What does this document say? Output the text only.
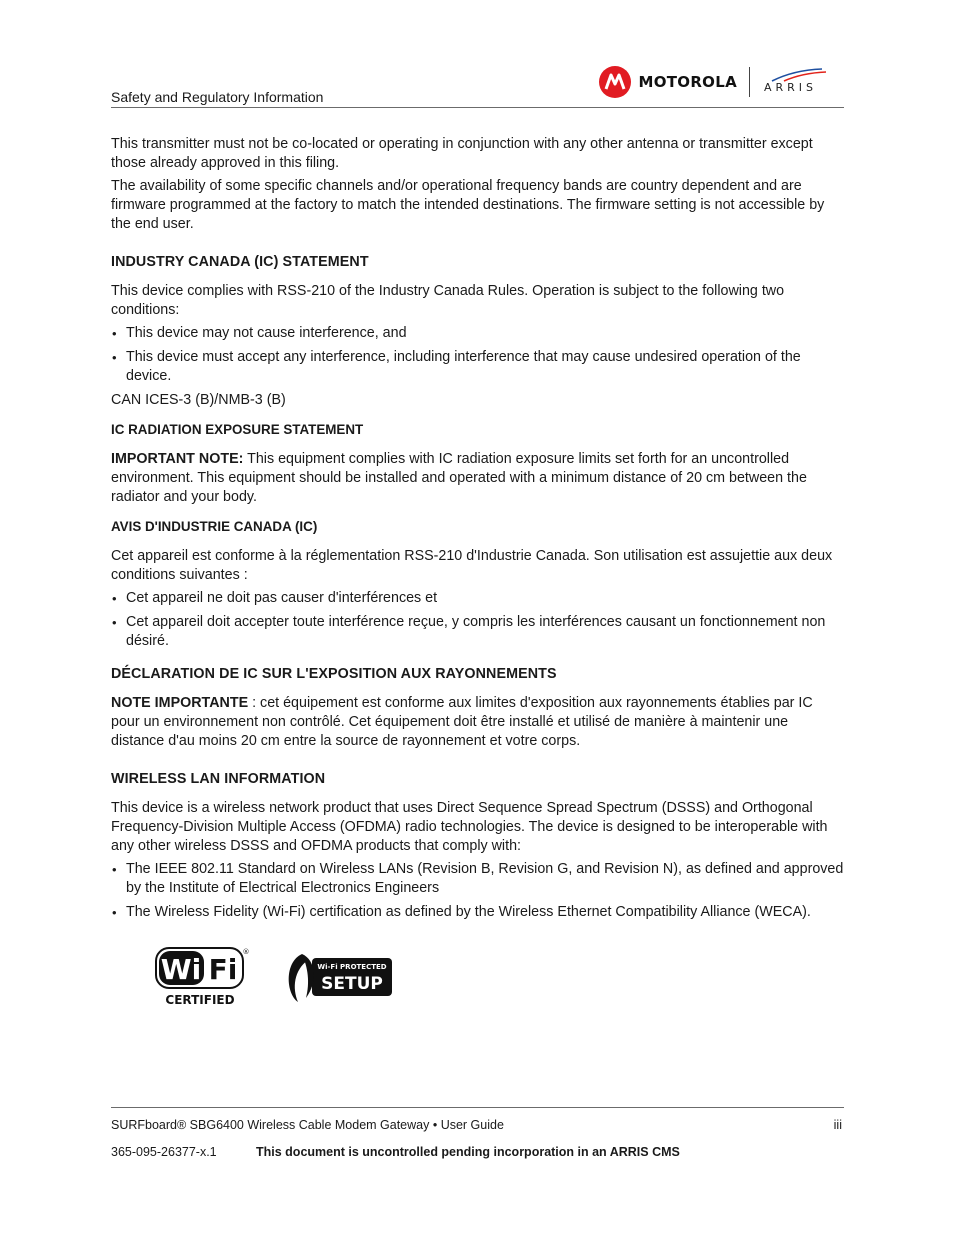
Safety and Regulatory Information
MOTOROLA ARRIS

This transmitter must not be co-located or operating in conjunction with any other antenna or transmitter except those already approved in this filing.

The availability of some specific channels and/or operational frequency bands are country dependent and are firmware programmed at the factory to match the intended destinations. The firmware setting is not accessible by the end user.

INDUSTRY CANADA (IC) STATEMENT

This device complies with RSS-210 of the Industry Canada Rules. Operation is subject to the following two conditions:

• This device may not cause interference, and
• This device must accept any interference, including interference that may cause undesired operation of the device.

CAN ICES-3 (B)/NMB-3 (B)

IC RADIATION EXPOSURE STATEMENT

IMPORTANT NOTE: This equipment complies with IC radiation exposure limits set forth for an uncontrolled environment. This equipment should be installed and operated with a minimum distance of 20 cm between the radiator and your body.

AVIS D'INDUSTRIE CANADA (IC)

Cet appareil est conforme à la réglementation RSS-210 d'Industrie Canada. Son utilisation est assujettie aux deux conditions suivantes :

• Cet appareil ne doit pas causer d'interférences et
• Cet appareil doit accepter toute interférence reçue, y compris les interférences causant un fonctionnement non désiré.
DÉCLARATION DE IC SUR L'EXPOSITION AUX RAYONNEMENTS

NOTE IMPORTANTE : cet équipement est conforme aux limites d'exposition aux rayonnements établies par IC pour un environnement non contrôlé. Cet équipement doit être installé et utilisé de manière à maintenir une distance d'au moins 20 cm entre la source de rayonnement et votre corps.

WIRELESS LAN INFORMATION

This device is a wireless network product that uses Direct Sequence Spread Spectrum (DSSS) and Orthogonal Frequency-Division Multiple Access (OFDMA) radio technologies. The device is designed to be interoperable with any other wireless DSSS and OFDMA products that comply with:

• The IEEE 802.11 Standard on Wireless LANs (Revision B, Revision G, and Revision N), as defined and approved by the Institute of Electrical Electronics Engineers
• The Wireless Fidelity (Wi-Fi) certification as defined by the Wireless Ethernet Compatibility Alliance (WECA).
Wi Fi
®
CERTIFIED
Wi-Fi PROTECTED
SETUP
SURFboard® SBG6400 Wireless Cable Modem Gateway • User Guide	iii
365-095-26377-x.1	This document is uncontrolled pending incorporation in an ARRIS CMS
